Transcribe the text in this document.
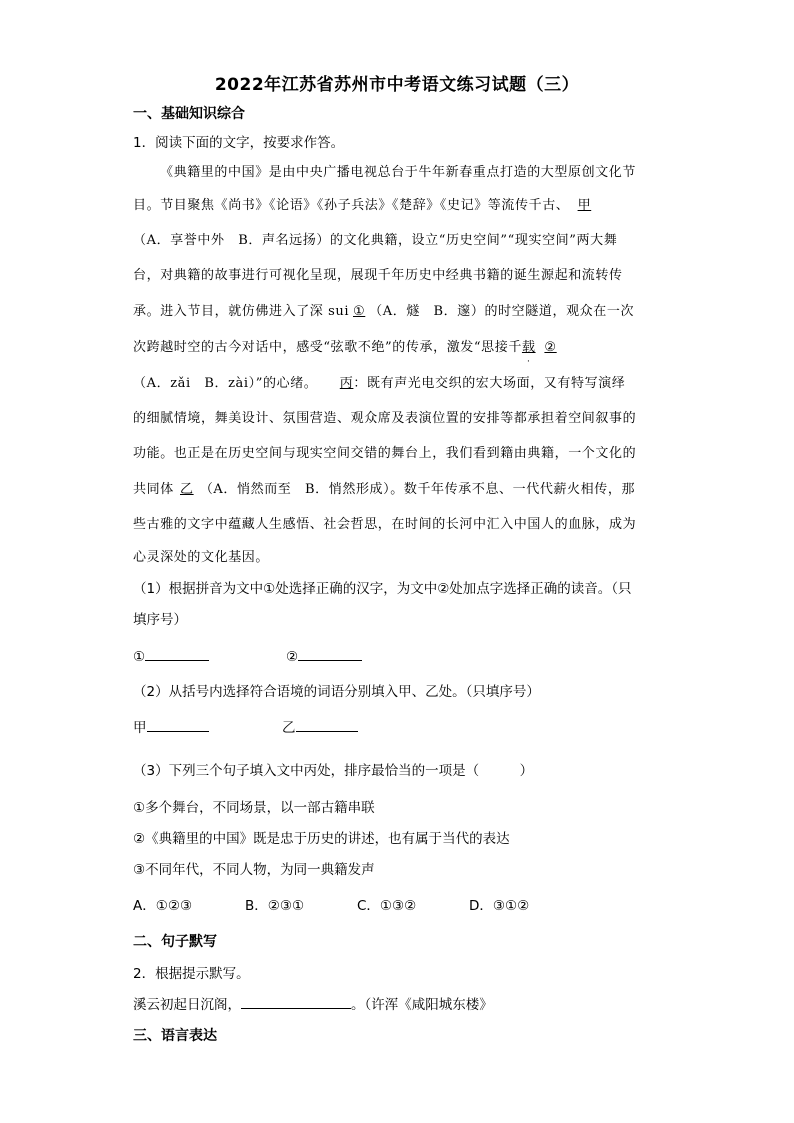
2022年江苏省苏州市中考语文练习试题（三）
一、基础知识综合
1．阅读下面的文字，按要求作答。
《典籍里的中国》是由中央广播电视总台于牛年新春重点打造的大型原创文化节
目。节目聚焦《尚书》《论语》《孙子兵法》《楚辞》《史记》等流传千古、 甲
（A．享誉中外　B．声名远扬）的文化典籍，设立“历史空间”“现实空间”两大舞
台，对典籍的故事进行可视化呈现，展现千年历史中经典书籍的诞生源起和流转传
承。进入节目，就仿佛进入了深 sui ① （A．燧　B．邃）的时空隧道，观众在一次
次跨越时空的古今对话中，感受“弦歌不绝”的传承，激发“思接千载
·
②
（A．zǎi　B．zài）”的心绪。 丙：既有声光电交织的宏大场面，又有特写演绎
的细腻情境，舞美设计、氛围营造、观众席及表演位置的安排等都承担着空间叙事的
功能。也正是在历史空间与现实空间交错的舞台上，我们看到籍由典籍，一个文化的
共同体 乙 （A．悄然而至　B．悄然形成）。数千年传承不息、一代代薪火相传，那
些古雅的文字中蕴藏人生感悟、社会哲思，在时间的长河中汇入中国人的血脉，成为
心灵深处的文化基因。
（1）根据拼音为文中①处选择正确的汉字，为文中②处加点字选择正确的读音。（只
填序号）
①	②
（2）从括号内选择符合语境的词语分别填入甲、乙处。（只填序号）
甲	乙
（3）下列三个句子填入文中丙处，排序最恰当的一项是（　　　）
①多个舞台，不同场景，以一部古籍串联
②《典籍里的中国》既是忠于历史的讲述，也有属于当代的表达
③不同年代，不同人物，为同一典籍发声
A．①②③	B．②③①	C．①③②	D．③①②
二、句子默写
2．根据提示默写。
溪云初起日沉阁，	。（许浑《咸阳城东楼》
三、语言表达
